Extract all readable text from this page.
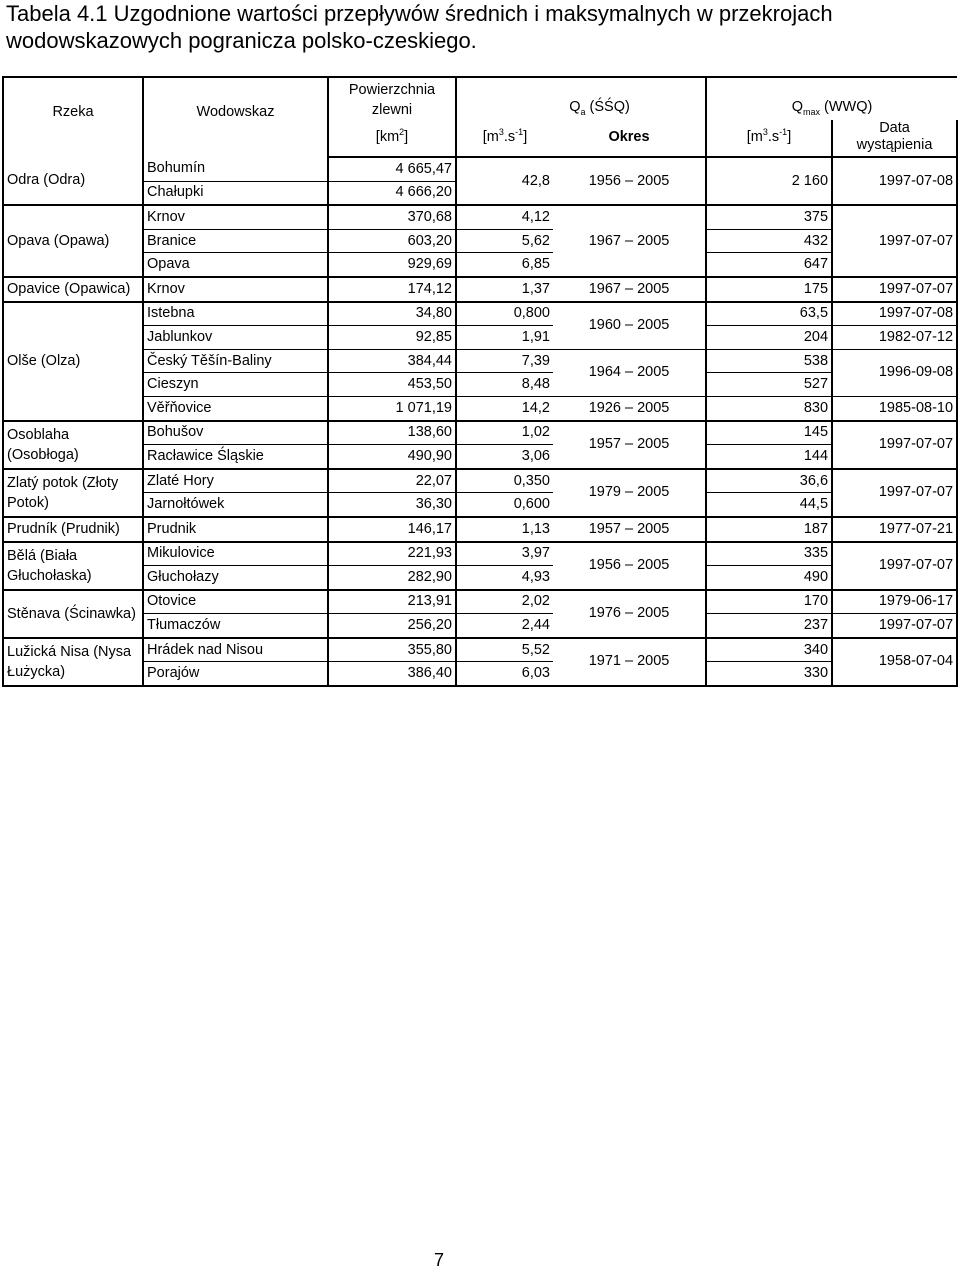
Tabela 4.1 Uzgodnione wartości przepływów średnich i maksymalnych w przekrojach
wodowskazowych pogranicza polsko-czeskiego.
Rzeka	Wodowskaz	Powierzchnia
zlewni	$Q_a$ (ŚŚQ)		$Q_{max}$ (WWQ)	
		$[km^2]$	$[m^3.s^{-1}]$	Okres	$[m^3.s^{-1}]$	Data
wystąpienia
Odra (Odra)	Bohumín	4 665,47	42,8	1956 – 2005	2 160	1997-07-08
	Chałupki	4 666,20				
Opava (Opawa)	Krnov	370,68	4,12	1967 – 2005	375	1997-07-07
	Branice	603,20	5,62		432	
	Opava	929,69	6,85		647	
Opavice (Opawica)	Krnov	174,12	1,37	1967 – 2005	175	1997-07-07
Olše (Olza)	Istebna	34,80	0,800	1960 – 2005	63,5	1997-07-08
	Jablunkov	92,85	1,91		204	1982-07-12
	Český Těšín-Baliny	384,44	7,39	1964 – 2005	538	1996-09-08
	Cieszyn	453,50	8,48		527	
	Věřňovice	1 071,19	14,2	1926 – 2005	830	1985-08-10
Osoblaha (Osobłoga)	Bohušov	138,60	1,02	1957 – 2005	145	1997-07-07
	Racławice Śląskie	490,90	3,06		144	
Zlatý potok (Złoty Potok)	Zlaté Hory	22,07	0,350	1979 – 2005	36,6	1997-07-07
	Jarnołtówek	36,30	0,600		44,5	
Prudník (Prudnik)	Prudnik	146,17	1,13	1957 – 2005	187	1977-07-21
Bělá (Biała Głuchołaska)	Mikulovice	221,93	3,97	1956 – 2005	335	1997-07-07
	Głuchołazy	282,90	4,93		490	
Stěnava (Ścinawka)	Otovice	213,91	2,02	1976 – 2005	170	1979-06-17
	Tłumaczów	256,20	2,44		237	1997-07-07
Lužická Nisa (Nysa Łużycka)	Hrádek nad Nisou	355,80	5,52	1971 – 2005	340	1958-07-04
	Porajów	386,40	6,03		330	
7
